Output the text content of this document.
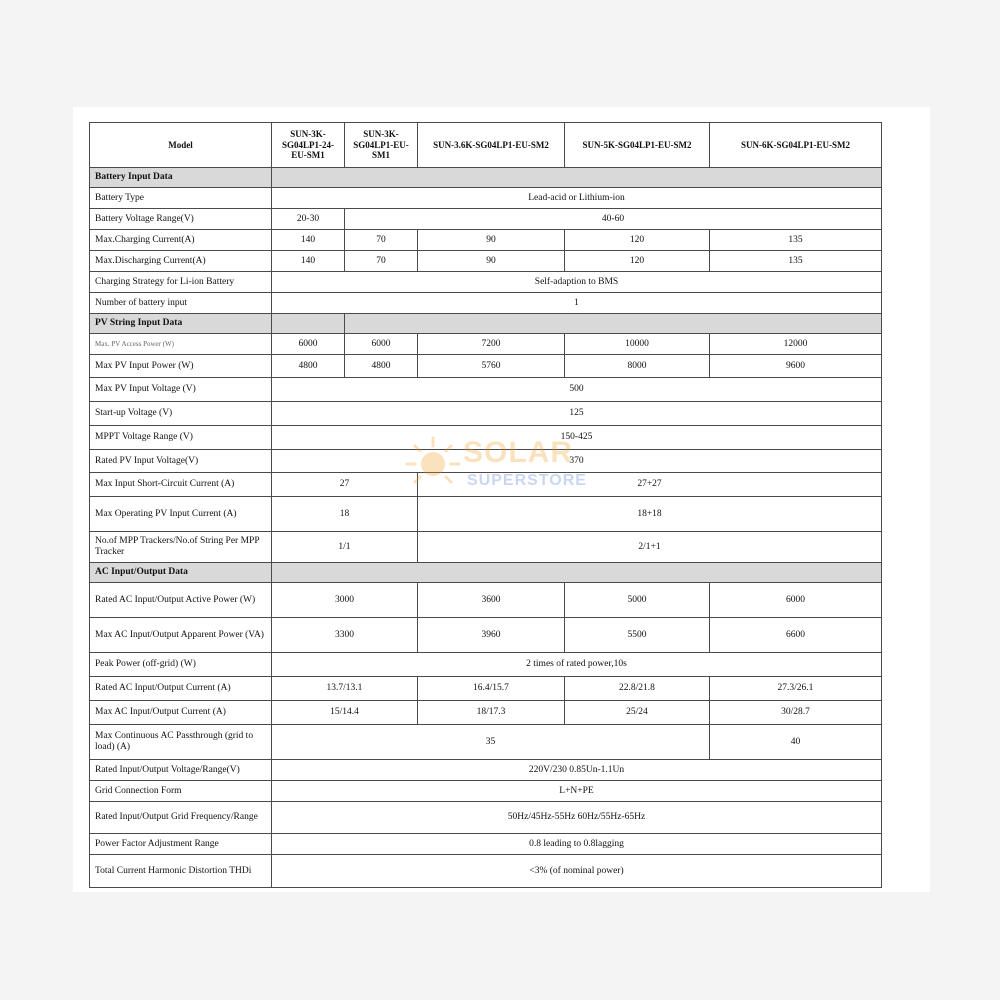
Model	SUN-3K-SG04LP1-24-EU-SM1	SUN-3K-SG04LP1-EU-SM1	SUN-3.6K-SG04LP1-EU-SM2	SUN-5K-SG04LP1-EU-SM2	SUN-6K-SG04LP1-EU-SM2
Battery Input Data					
Battery Type	Lead-acid or Lithium-ion				
Battery Voltage Range(V)	20-30	40-60			
Max.Charging Current(A)	140	70	90	120	135
Max.Discharging Current(A)	140	70	90	120	135
Charging Strategy for Li-ion Battery	Self-adaption to BMS				
Number of battery input	1				
PV String Input Data					
Max. PV Access Power (W)	6000	6000	7200	10000	12000
Max PV Input Power (W)	4800	4800	5760	8000	9600
Max PV Input Voltage (V)	500				
Start-up Voltage (V)	125				
MPPT Voltage Range (V)	150-425				
Rated PV Input Voltage(V)	370				
Max Input Short-Circuit Current (A)	27		27+27		
Max Operating PV Input Current (A)	18		18+18		
No.of MPP Trackers/No.of String Per MPP Tracker	1/1		2/1+1		
AC Input/Output Data					
Rated AC Input/Output Active Power (W)	3000		3600	5000	6000
Max AC Input/Output Apparent Power (VA)	3300		3960	5500	6600
Peak Power (off-grid) (W)	2 times of rated power,10s				
Rated AC Input/Output Current (A)	13.7/13.1		16.4/15.7	22.8/21.8	27.3/26.1
Max AC Input/Output Current (A)	15/14.4		18/17.3	25/24	30/28.7
Max Continuous AC Passthrough (grid to load) (A)	35				40
Rated Input/Output Voltage/Range(V)	220V/230 0.85Un-1.1Un				
Grid Connection Form	L+N+PE				
Rated Input/Output Grid Frequency/Range	50Hz/45Hz-55Hz 60Hz/55Hz-65Hz				
Power Factor Adjustment Range	0.8 leading to 0.8lagging				
Total Current Harmonic Distortion THDi	<3% (of nominal power)				
SOLAR
SUPERSTORE
